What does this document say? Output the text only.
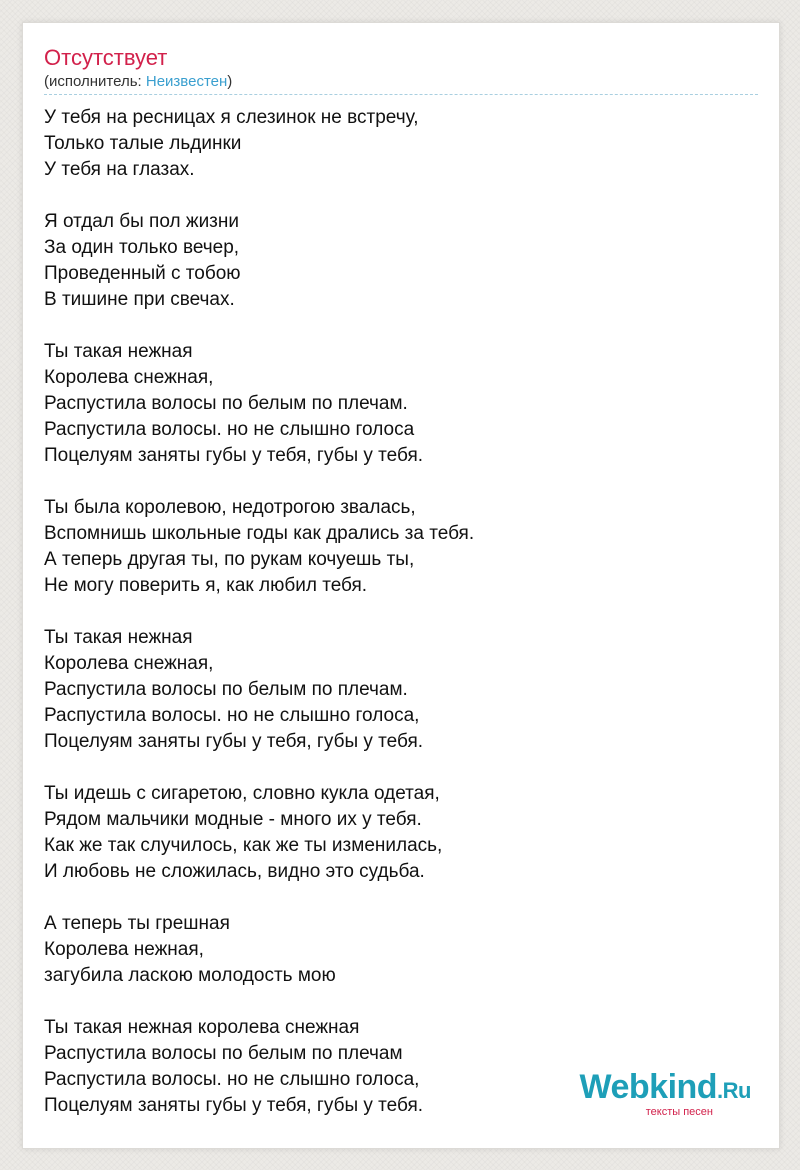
Отсутствует
(исполнитель: Неизвестен)
У тебя на ресницах я слезинок не встречу,
Только талые льдинки
У тебя на глазах.
Я отдал бы пол жизни
За один только вечер,
Проведенный с тобою
В тишине при свечах.
Ты такая нежная
Королева снежная,
Распустила волосы по белым по плечам.
Распустила волосы. но не слышно голоса
Поцелуям заняты губы у тебя, губы у тебя.
Ты была королевою, недотрогою звалась,
Вспомнишь школьные годы как дрались за тебя.
А теперь другая ты, по рукам кочуешь ты,
Не могу поверить я, как любил тебя.
Ты такая нежная
Королева снежная,
Распустила волосы по белым по плечам.
Распустила волосы. но не слышно голоса,
Поцелуям заняты губы у тебя, губы у тебя.
Ты идешь с сигаретою, словно кукла одетая,
Рядом мальчики модные - много их у тебя.
Как же так случилось, как же ты изменилась,
И любовь не сложилась, видно это судьба.
А теперь ты грешная
Королева нежная,
загубила ласкою молодость мою
Ты такая нежная королева снежная
Распустила волосы по белым по плечам
Распустила волосы. но не слышно голоса,
Поцелуям заняты губы у тебя, губы у тебя.	Webkind.Ru
тексты песен
